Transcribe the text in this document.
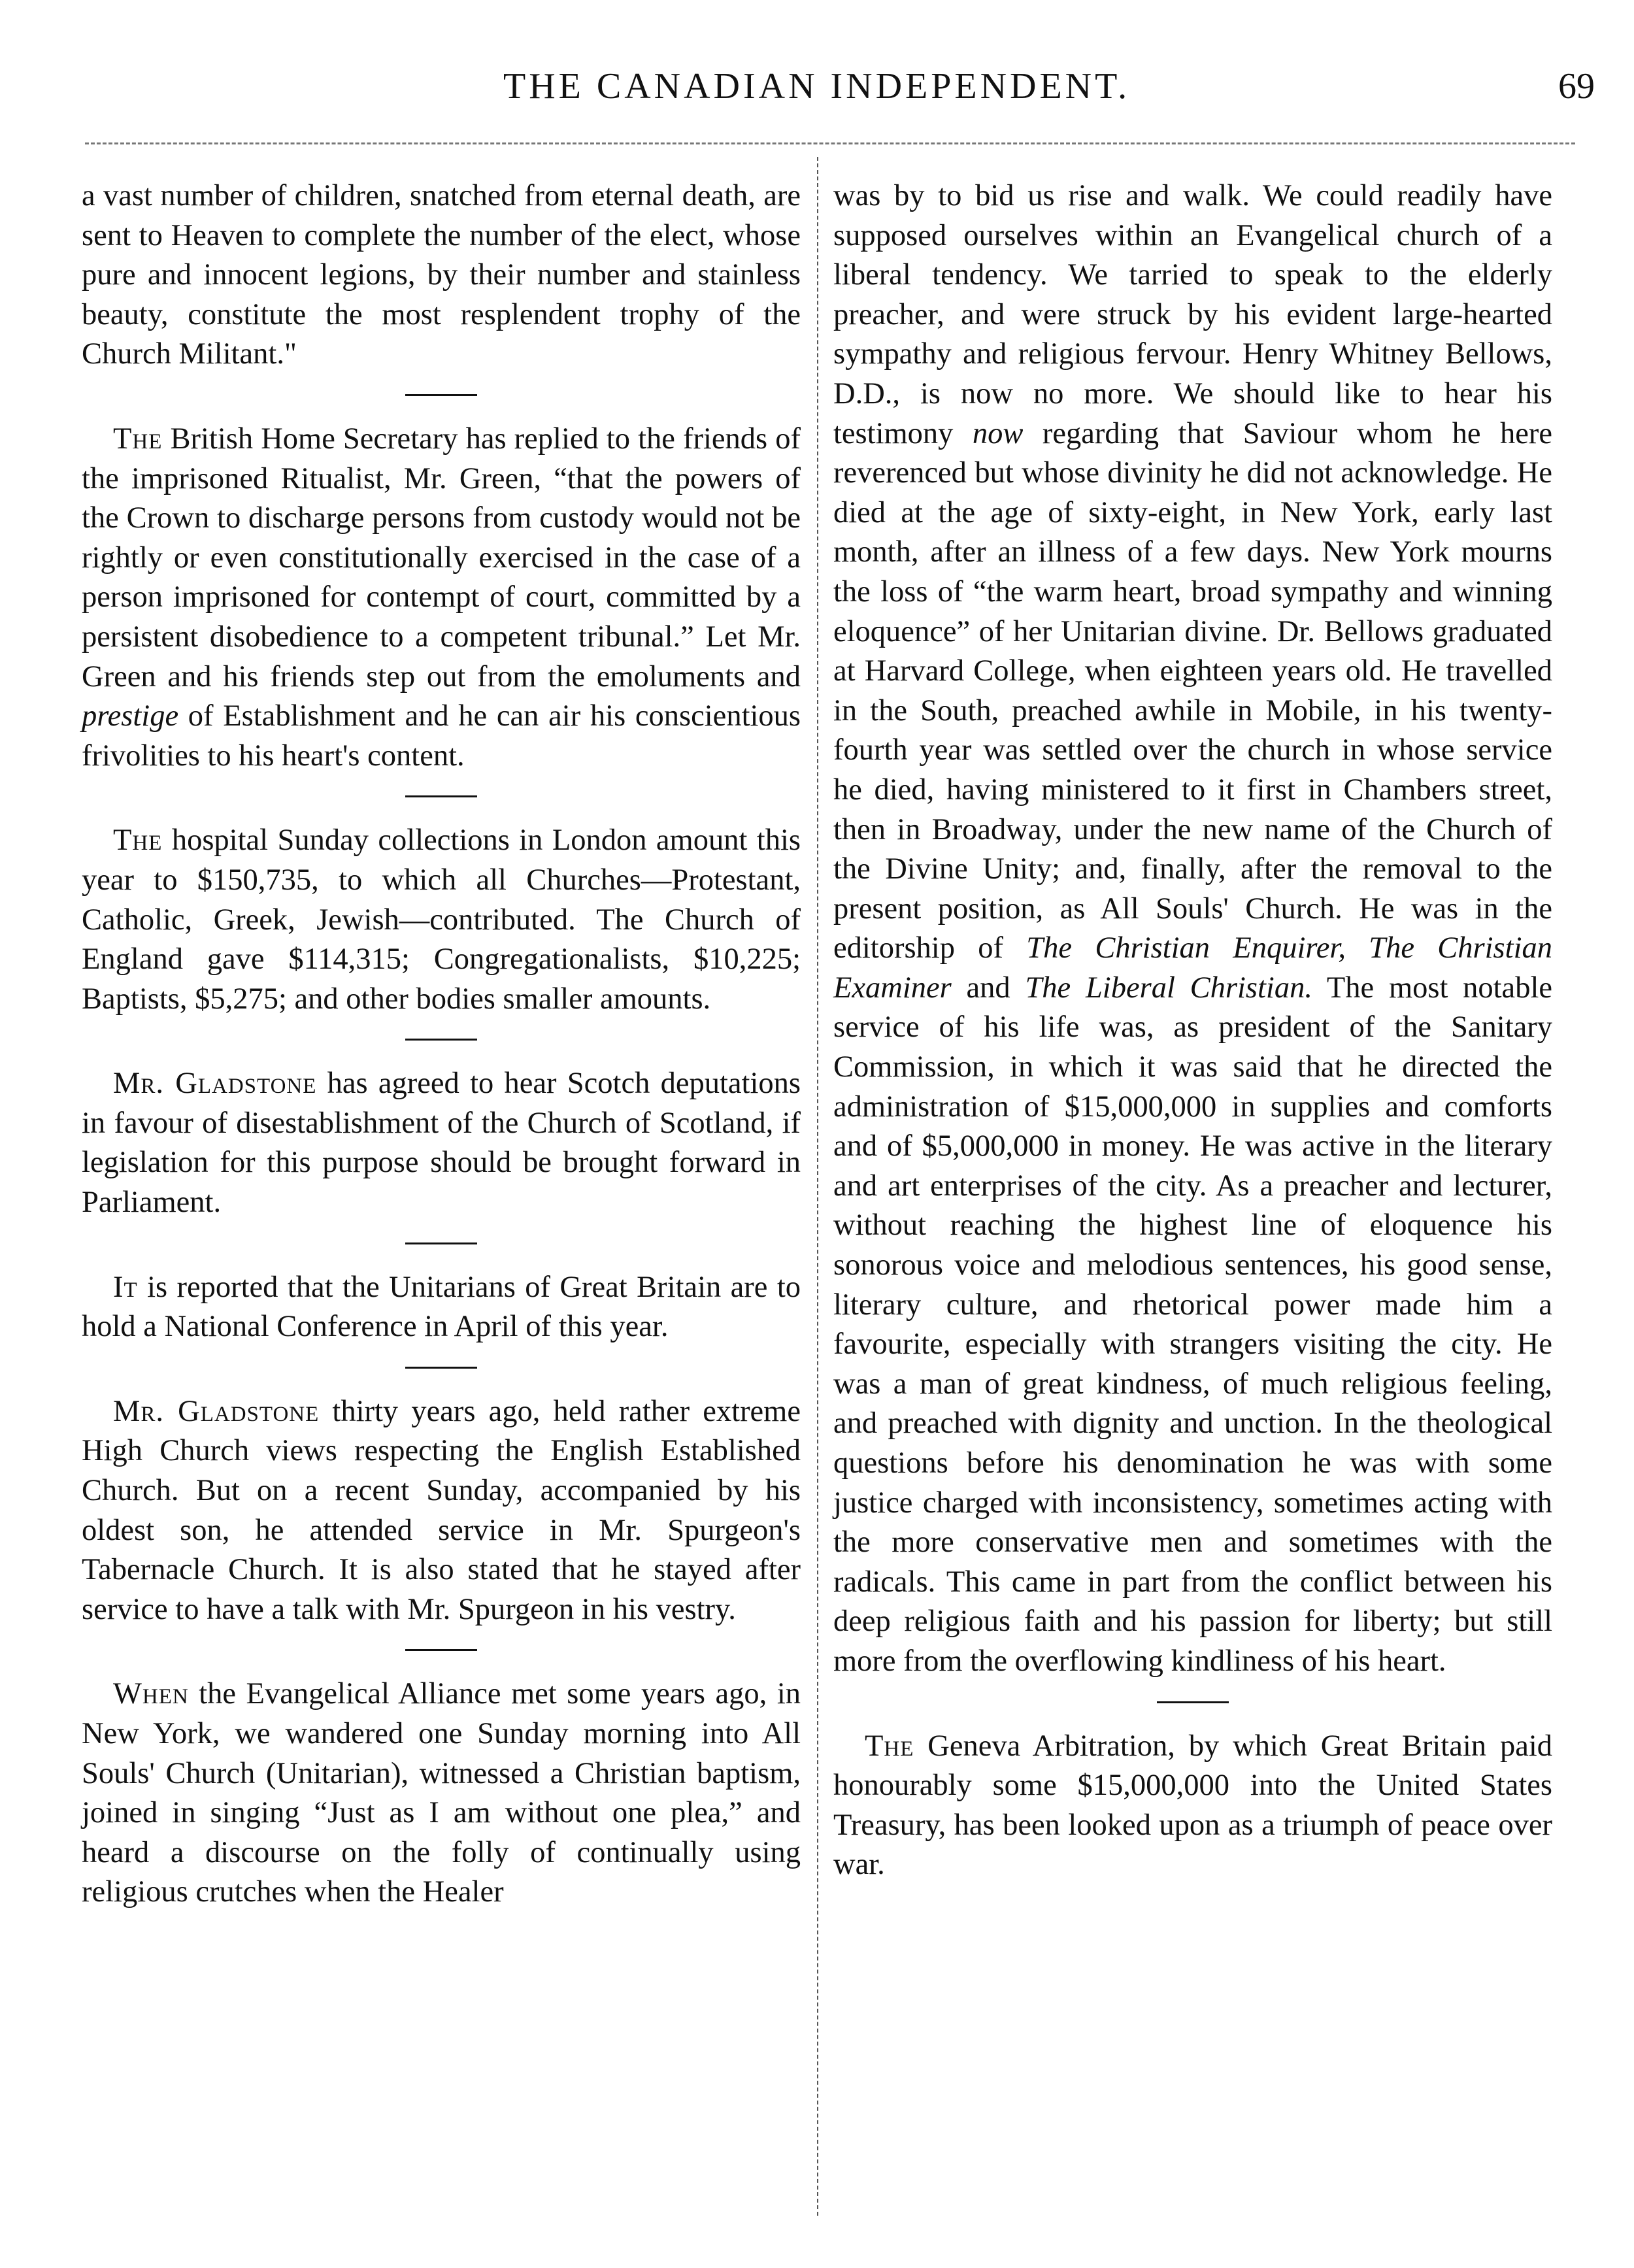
THE CANADIAN INDEPENDENT.	69

a vast number of children, snatched from eternal death, are sent to Heaven to complete the number of the elect, whose pure and innocent legions, by their number and stainless beauty, constitute the most resplendent trophy of the Church Militant."

The British Home Secretary has replied to the friends of the imprisoned Ritualist, Mr. Green, “that the powers of the Crown to discharge persons from custody would not be rightly or even constitutionally exercised in the case of a person imprisoned for contempt of court, committed by a persistent disobedience to a competent tribunal.” Let Mr. Green and his friends step out from the emoluments and prestige of Establishment and he can air his conscientious frivolities to his heart's content.

The hospital Sunday collections in London amount this year to $150,735, to which all Churches—Protestant, Catholic, Greek, Jewish—contributed. The Church of England gave $114,315; Congregationalists, $10,225; Baptists, $5,275; and other bodies smaller amounts.

Mr. Gladstone has agreed to hear Scotch deputations in favour of disestablishment of the Church of Scotland, if legislation for this purpose should be brought forward in Parliament.

It is reported that the Unitarians of Great Britain are to hold a National Conference in April of this year.

Mr. Gladstone thirty years ago, held rather extreme High Church views respecting the English Established Church. But on a recent Sunday, accompanied by his oldest son, he attended service in Mr. Spurgeon's Tabernacle Church. It is also stated that he stayed after service to have a talk with Mr. Spurgeon in his vestry.

When the Evangelical Alliance met some years ago, in New York, we wandered one Sunday morning into All Souls' Church (Unitarian), witnessed a Christian baptism, joined in singing “Just as I am without one plea,” and heard a discourse on the folly of continually using religious crutches when the Healer

was by to bid us rise and walk. We could readily have supposed ourselves within an Evangelical church of a liberal tendency. We tarried to speak to the elderly preacher, and were struck by his evident large-hearted sympathy and religious fervour. Henry Whitney Bellows, D.D., is now no more. We should like to hear his testimony now regarding that Saviour whom he here reverenced but whose divinity he did not acknowledge. He died at the age of sixty-eight, in New York, early last month, after an illness of a few days. New York mourns the loss of “the warm heart, broad sympathy and winning eloquence” of her Unitarian divine. Dr. Bellows graduated at Harvard College, when eighteen years old. He travelled in the South, preached awhile in Mobile, in his twenty-fourth year was settled over the church in whose service he died, having ministered to it first in Chambers street, then in Broadway, under the new name of the Church of the Divine Unity; and, finally, after the removal to the present position, as All Souls' Church. He was in the editorship of The Christian Enquirer, The Christian Examiner and The Liberal Christian. The most notable service of his life was, as president of the Sanitary Commission, in which it was said that he directed the administration of $15,000,000 in supplies and comforts and of $5,000,000 in money. He was active in the literary and art enterprises of the city. As a preacher and lecturer, without reaching the highest line of eloquence his sonorous voice and melodious sentences, his good sense, literary culture, and rhetorical power made him a favourite, especially with strangers visiting the city. He was a man of great kindness, of much religious feeling, and preached with dignity and unction. In the theological questions before his denomination he was with some justice charged with inconsistency, sometimes acting with the more conservative men and sometimes with the radicals. This came in part from the conflict between his deep religious faith and his passion for liberty; but still more from the overflowing kindliness of his heart.

The Geneva Arbitration, by which Great Britain paid honourably some $15,000,000 into the United States Treasury, has been looked upon as a triumph of peace over war.
